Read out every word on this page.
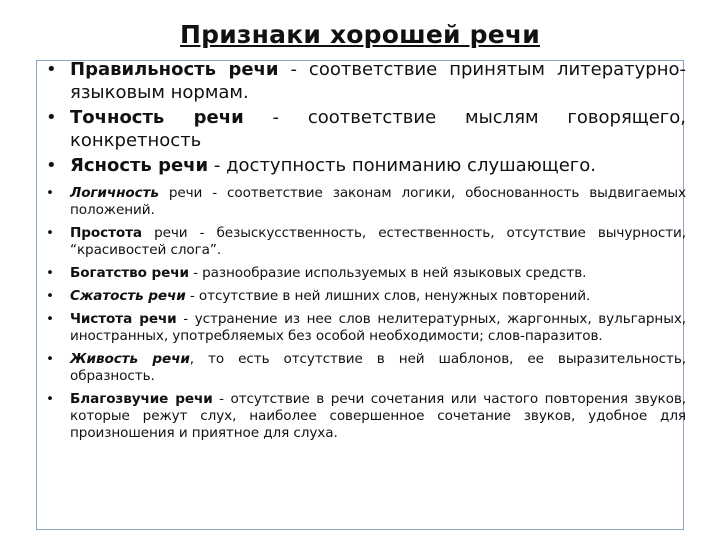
Признаки хорошей речи
• Правильность речи - соответствие принятым литературно-языковым нормам.
• Точность речи - соответствие мыслям говорящего, конкретность
• Ясность речи - доступность пониманию слушающего.
• Логичность речи - соответствие законам логики, обоснованность выдвигаемых положений.
• Простота речи - безыскусственность, естественность, отсутствие вычурности, “красивостей слога”.
• Богатство речи - разнообразие используемых в ней языковых средств.
• Сжатость речи - отсутствие в ней лишних слов, ненужных повторений.
• Чистота речи - устранение из нее слов нелитературных, жаргонных, вульгарных, иностранных, употребляемых без особой необходимости; слов-паразитов.
• Живость речи, то есть отсутствие в ней шаблонов, ее выразительность, образность.
• Благозвучие речи - отсутствие в речи сочетания или частого повторения звуков, которые режут слух, наиболее совершенное сочетание звуков, удобное для произношения и приятное для слуха.
